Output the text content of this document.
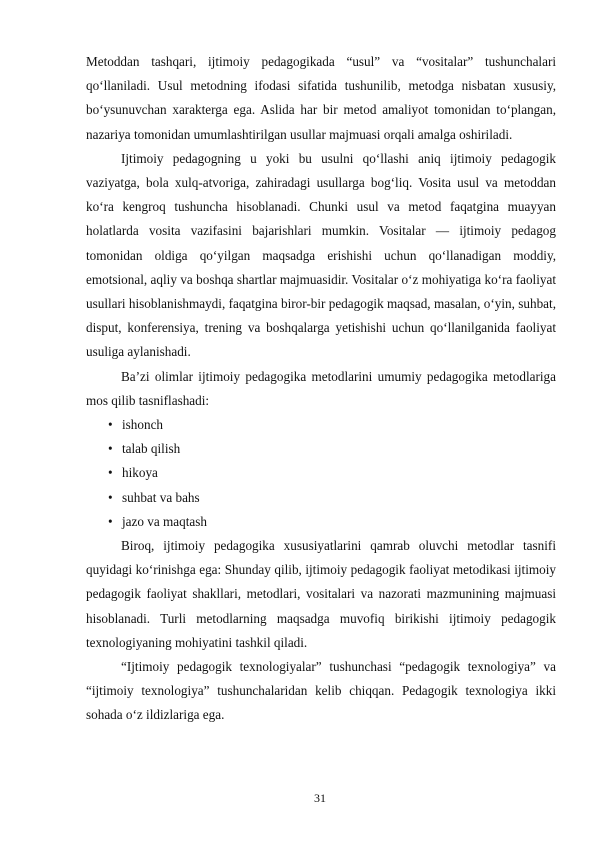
Metoddan tashqari, ijtimoiy pedagogikada “usul” va “vositalar” tushunchalari qo‘llaniladi. Usul metodning ifodasi sifatida tushunilib, metodga nisbatan xususiy, bo‘ysunuvchan xarakterga ega. Aslida har bir metod amaliyot tomonidan to‘plangan, nazariya tomonidan umumlashtirilgan usullar majmuasi orqali amalga oshiriladi.

Ijtimoiy pedagogning u yoki bu usulni qo‘llashi aniq ijtimoiy pedagogik vaziyatga, bola xulq-atvoriga, zahiradagi usullarga bog‘liq. Vosita usul va metoddan ko‘ra kengroq tushuncha hisoblanadi. Chunki usul va metod faqatgina muayyan holatlarda vosita vazifasini bajarishlari mumkin. Vositalar — ijtimoiy pedagog tomonidan oldiga qo‘yilgan maqsadga erishishi uchun qo‘llanadigan moddiy, emotsional, aqliy va boshqa shartlar majmuasidir. Vositalar o‘z mohiyatiga ko‘ra faoliyat usullari hisoblanishmaydi, faqatgina biror-bir pedagogik maqsad, masalan, o‘yin, suhbat, disput, konferensiya, trening va boshqalarga yetishishi uchun qo‘llanilganida faoliyat usuliga aylanishadi.

Ba’zi olimlar ijtimoiy pedagogika metodlarini umumiy pedagogika metodlariga mos qilib tasniflashadi:

• ishonch
• talab qilish
• hikoya
• suhbat va bahs
• jazo va maqtash

Biroq, ijtimoiy pedagogika xususiyatlarini qamrab oluvchi metodlar tasnifi quyidagi ko‘rinishga ega: Shunday qilib, ijtimoiy pedagogik faoliyat metodikasi ijtimoiy pedagogik faoliyat shakllari, metodlari, vositalari va nazorati mazmunining majmuasi hisoblanadi. Turli metodlarning maqsadga muvofiq birikishi ijtimoiy pedagogik texnologiyaning mohiyatini tashkil qiladi.

“Ijtimoiy pedagogik texnologiyalar” tushunchasi “pedagogik texnologiya” va “ijtimoiy texnologiya” tushunchalaridan kelib chiqqan. Pedagogik texnologiya ikki sohada o‘z ildizlariga ega.

31
